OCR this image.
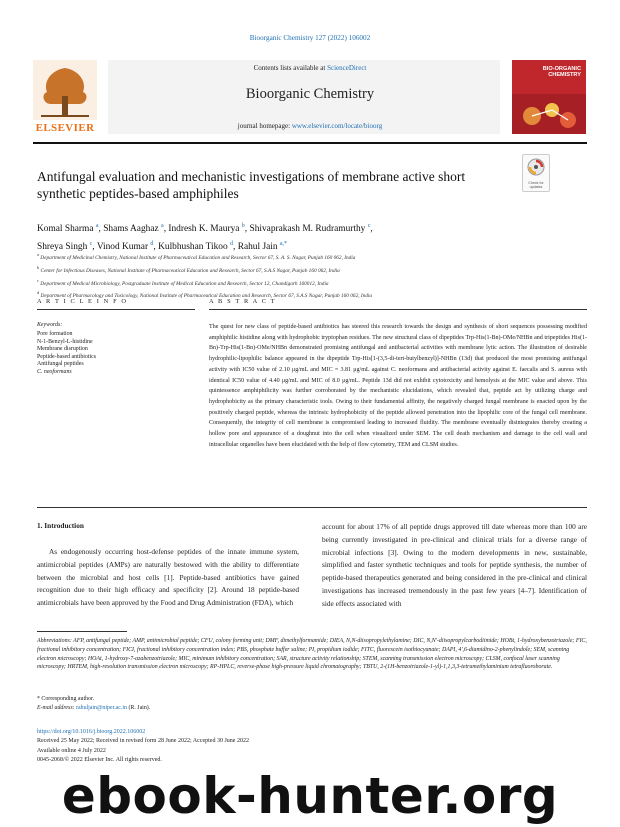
Bioorganic Chemistry 127 (2022) 106002
Contents lists available at ScienceDirect
Bioorganic Chemistry
journal homepage: www.elsevier.com/locate/bioorg
ELSEVIER
BIO-ORGANIC CHEMISTRY
Antifungal evaluation and mechanistic investigations of membrane active short synthetic peptides-based amphiphiles
Check for updates
Komal Sharma $^a$, Shams Aaghaz $^a$, Indresh K. Maurya $^b$, Shivaprakash M. Rudramurthy $^c$,
Shreya Singh $^c$, Vinod Kumar $^d$, Kulbhushan Tikoo $^d$, Rahul Jain $^{a,*}$
$^a$ Department of Medicinal Chemistry, National Institute of Pharmaceutical Education and Research, Sector 67, S. A. S. Nagar, Punjab 160 062, India
$^b$ Center for Infectious Diseases, National Institute of Pharmaceutical Education and Research, Sector 67, S.A.S Nagar, Punjab 160 062, India
$^c$ Department of Medical Microbiology, Postgraduate Institute of Medical Education and Research, Sector 12, Chandigarh 160012, India
$^d$ Department of Pharmacology and Toxicology, National Institute of Pharmaceutical Education and Research, Sector 67, S.A.S Nagar, Punjab 160 062, India
A R T I C L E I N F O	A B S T R A C T
Keywords:
Pore formation
N-1-Benzyl-L-histidine
Membrane disruption
Peptide-based antibiotics
Antifungal peptides
C. neoformans
The quest for new class of peptide-based antibiotics has steered this research towards the design and synthesis of short sequences possessing modified amphiphilic histidine along with hydrophobic tryptophan residues. The new structural class of dipeptides Trp-His(1-Bn)-OMe/NHBn and tripeptides His(1-Bn)-Trp-His(1-Bn)-OMe/NHBn demonstrated promising antifungal and antibacterial activities with membrane lytic action. The illustration of desirable hydrophilic-lipophilic balance appeared in the dipeptide Trp-His[1-(3,5-di-tert-butylbenzyl)]-NHBn (13d) that produced the most promising antifungal activity with IC50 value of 2.10 μg/mL and MIC = 3.81 μg/mL against C. neoformans and antibacterial activity against E. faecalis and S. aureus with identical IC50 value of 4.40 μg/mL and MIC of 8.0 μg/mL. Peptide 13d did not exhibit cytotoxicity and hemolysis at the MIC value and above. This quintessence amphiphilicity was further corroborated by the mechanistic elucidations, which revealed that, peptide act by utilizing charge and hydrophobicity as the primary characteristic tools. Owing to their fundamental affinity, the negatively charged fungal membrane is enacted upon by the positively charged peptide, whereas the intrinsic hydrophobicity of the peptide allowed penetration into the lipophilic core of the fungal cell membrane. Consequently, the integrity of cell membrane is compromised leading to increased fluidity. The membrane eventually disintegrates thereby creating a hollow pore and appearance of a doughnut into the cell when visualized under SEM. The cell death mechanism and damage to the cell wall and intracellular organelles have been elucidated with the help of flow cytometry, TEM and CLSM studies.
1. Introduction
As endogenously occurring host-defense peptides of the innate immune system, antimicrobial peptides (AMPs) are naturally bestowed with the ability to differentiate between the microbial and host cells [1]. Peptide-based antibiotics have gained recognition due to their high efficacy and specificity [2]. Around 18 peptide-based antimicrobials have been approved by the Food and Drug Administration (FDA), which
account for about 17% of all peptide drugs approved till date whereas more than 100 are being currently investigated in pre-clinical and clinical trials for a diverse range of microbial infections [3]. Owing to the modern developments in new, sustainable, simplified and faster synthetic techniques and tools for peptide synthesis, the number of peptide-based therapeutics generated and being considered in the pre-clinical and clinical investigations has increased tremendously in the past few years [4–7]. Identification of side effects associated with
Abbreviations: AFP, antifungal peptide; AMP, antimicrobial peptide; CFU, colony forming unit; DMF, dimethylformamide; DIEA, N,N-diisopropylethylamine; DIC, N,N'-diisopropylcarbodiimide; HOBt, 1-hydroxybenzotriazole; FIC, fractional inhibitory concentration; FICI, fractional inhibitory concentration index; PBS, phosphate buffer saline; PI, propidium iodide; FITC, fluorescein isothiocyanate; DAPI, 4',6-diamidino-2-phenylindole; SEM, scanning electron microscopy; HOAt, 1-hydroxy-7-azabenzotriazole; MIC, minimum inhibitory concentration; SAR, structure activity relationship; STEM, scanning transmission electron microscopy; CLSM, confocal laser scanning microscopy; HRTEM, high-resolution transmission electron microscopy; RP-HPLC, reverse-phase high-pressure liquid chromatography; TBTU, 2-(1H-benzotriazole-1-yl)-1,1,3,3-tetramethylaminium tetrafluoroborate.
* Corresponding author.
E-mail address: rahuljain@niper.ac.in (R. Jain).
https://doi.org/10.1016/j.bioorg.2022.106002
Received 25 May 2022; Received in revised form 28 June 2022; Accepted 30 June 2022
Available online 4 July 2022
0045-2068/© 2022 Elsevier Inc. All rights reserved.
ebook-hunter.org
